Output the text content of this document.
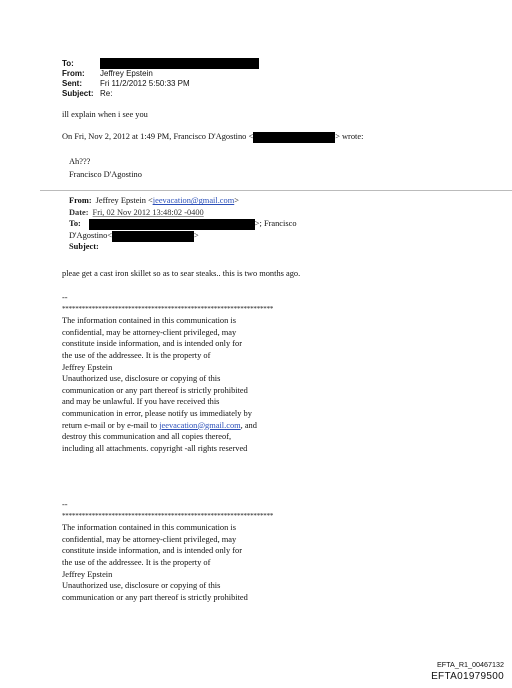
To:
From:	Jeffrey Epstein
Sent:	Fri 11/2/2012 5:50:33 PM
Subject: Re:
ill explain when i see you
On Fri, Nov 2, 2012 at 1:49 PM, Francisco D'Agostino <	> wrote:
Ah???
Francisco D'Agostino
From: Jeffrey Epstein < jeevacation@gmail.com >
Date: Fri, 02 Nov 2012 13:48:02 -0400
To:	>; Francisco
D'Agostino<	>
Subject:
pleae get a cast iron skillet so as to sear steaks.. this is two months ago.
--
****************************************************************
The information contained in this communication is
confidential, may be attorney-client privileged, may
constitute inside information, and is intended only for
the use of the addressee. It is the property of
Jeffrey Epstein
Unauthorized use, disclosure or copying of this
communication or any part thereof is strictly prohibited
and may be unlawful. If you have received this
communication in error, please notify us immediately by
return e-mail or by e-mail to jeevacation@gmail.com, and
destroy this communication and all copies thereof,
including all attachments. copyright -all rights reserved
--
****************************************************************
The information contained in this communication is
confidential, may be attorney-client privileged, may
constitute inside information, and is intended only for
the use of the addressee. It is the property of
Jeffrey Epstein
Unauthorized use, disclosure or copying of this
communication or any part thereof is strictly prohibited
EFTA_R1_00467132
EFTA01979500
